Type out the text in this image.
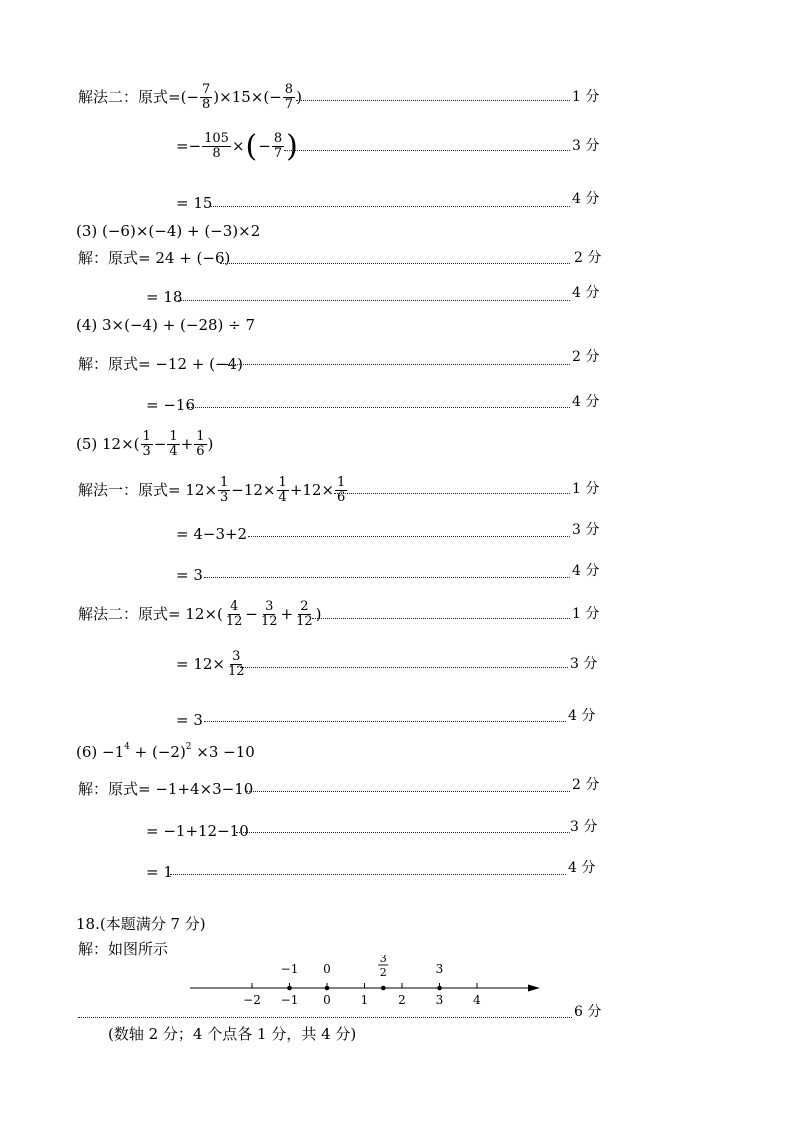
解法二：原式 =(− $\frac{7}{8} )\times 15\times(- \frac{8}{7}$ )	1 分
=− $\frac{105}{8}$ × ( − $\frac{8}{7}$ )	3 分
= 15	4 分
(3) (−6)×(−4) + (−3)×2
解：原式= 24 + (−6)	2 分
= 18	4 分
(4) 3×(−4) + (−28) ÷ 7
解：原式= −12 + (−4)	2 分
= −16	4 分
(5) $12\times( \frac{1}{3} - \frac{1}{4} + \frac{1}{6}$ )
解法一：原式 = $12\times \frac{1}{3} -12\times \frac{1}{4} +12\times \frac{1}{6}$	1 分
= 4−3+2	3 分
= 3	4 分
解法二：原式 = $12\times( \frac{4}{12} - \frac{3}{12} + \frac{2}{12}$ )	1 分
= $12\times \frac{3}{12}$	3 分
= 3	4 分
$(6) -1^4 + (-2)^2 \times 3 -10$
解：原式= −1+4×3−10	2 分
= −1+12−10	3 分
= 1	4 分
18.(本题满分 7 分)
解：如图所示
−2 −1 0 1 2 3 4
−1 0
3
2	3
6 分
(数轴 2 分；4 个点各 1 分，共 4 分)
